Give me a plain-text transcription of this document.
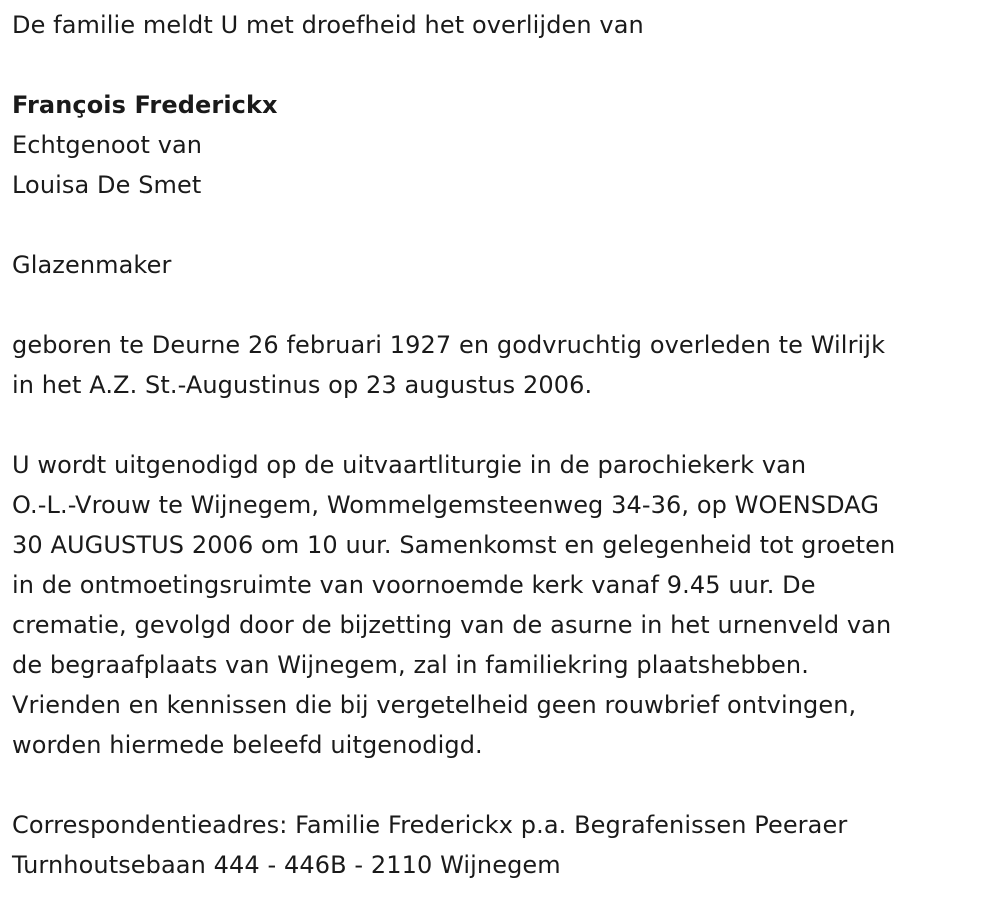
De familie meldt U met droefheid het overlijden van
François Frederickx
Echtgenoot van
Louisa De Smet
Glazenmaker
geboren te Deurne 26 februari 1927 en godvruchtig overleden te Wilrijk
in het A.Z. St.-Augustinus op 23 augustus 2006.
U wordt uitgenodigd op de uitvaartliturgie in de parochiekerk van
O.-L.-Vrouw te Wijnegem, Wommelgemsteenweg 34-36, op WOENSDAG
30 AUGUSTUS 2006 om 10 uur. Samenkomst en gelegenheid tot groeten
in de ontmoetingsruimte van voornoemde kerk vanaf 9.45 uur. De
crematie, gevolgd door de bijzetting van de asurne in het urnenveld van
de begraafplaats van Wijnegem, zal in familiekring plaatshebben.
Vrienden en kennissen die bij vergetelheid geen rouwbrief ontvingen,
worden hiermede beleefd uitgenodigd.
Correspondentieadres: Familie Frederickx p.a. Begrafenissen Peeraer
Turnhoutsebaan 444 - 446B - 2110 Wijnegem
